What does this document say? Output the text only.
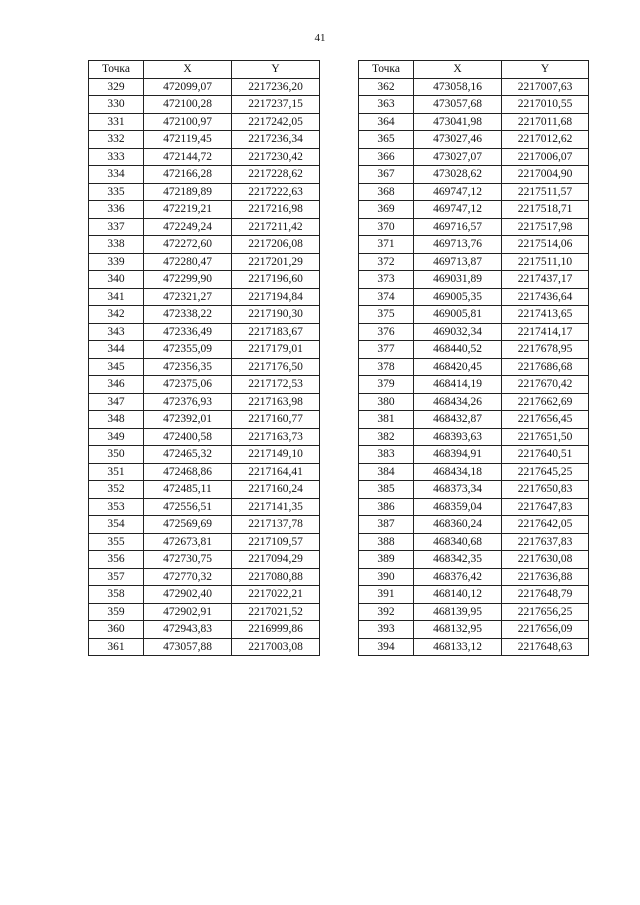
41
Точка	X	Y
329	472099,07	2217236,20
330	472100,28	2217237,15
331	472100,97	2217242,05
332	472119,45	2217236,34
333	472144,72	2217230,42
334	472166,28	2217228,62
335	472189,89	2217222,63
336	472219,21	2217216,98
337	472249,24	2217211,42
338	472272,60	2217206,08
339	472280,47	2217201,29
340	472299,90	2217196,60
341	472321,27	2217194,84
342	472338,22	2217190,30
343	472336,49	2217183,67
344	472355,09	2217179,01
345	472356,35	2217176,50
346	472375,06	2217172,53
347	472376,93	2217163,98
348	472392,01	2217160,77
349	472400,58	2217163,73
350	472465,32	2217149,10
351	472468,86	2217164,41
352	472485,11	2217160,24
353	472556,51	2217141,35
354	472569,69	2217137,78
355	472673,81	2217109,57
356	472730,75	2217094,29
357	472770,32	2217080,88
358	472902,40	2217022,21
359	472902,91	2217021,52
360	472943,83	2216999,86
361	473057,88	2217003,08
Точка	X	Y
362	473058,16	2217007,63
363	473057,68	2217010,55
364	473041,98	2217011,68
365	473027,46	2217012,62
366	473027,07	2217006,07
367	473028,62	2217004,90
368	469747,12	2217511,57
369	469747,12	2217518,71
370	469716,57	2217517,98
371	469713,76	2217514,06
372	469713,87	2217511,10
373	469031,89	2217437,17
374	469005,35	2217436,64
375	469005,81	2217413,65
376	469032,34	2217414,17
377	468440,52	2217678,95
378	468420,45	2217686,68
379	468414,19	2217670,42
380	468434,26	2217662,69
381	468432,87	2217656,45
382	468393,63	2217651,50
383	468394,91	2217640,51
384	468434,18	2217645,25
385	468373,34	2217650,83
386	468359,04	2217647,83
387	468360,24	2217642,05
388	468340,68	2217637,83
389	468342,35	2217630,08
390	468376,42	2217636,88
391	468140,12	2217648,79
392	468139,95	2217656,25
393	468132,95	2217656,09
394	468133,12	2217648,63
